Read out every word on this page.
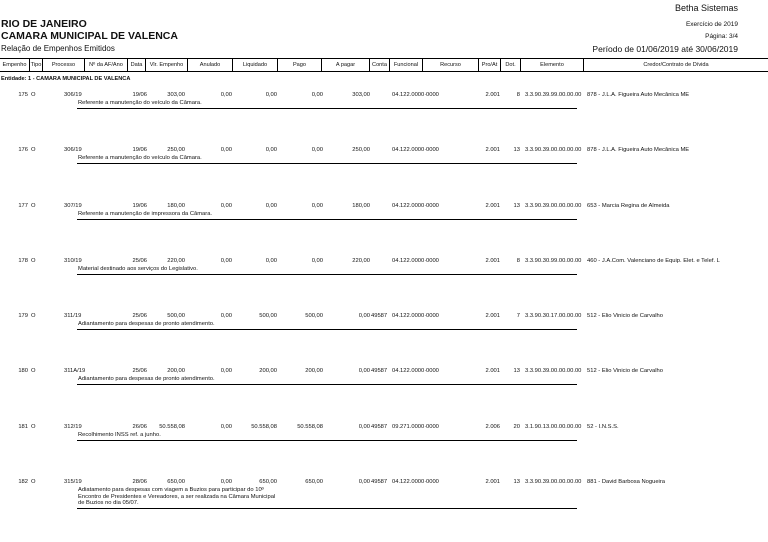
Betha Sistemas
RIO DE JANEIRO	Exercício de 2019
CAMARA MUNICIPAL DE VALENCA	Página: 3/4
Relação de Empenhos Emitidos	Período de 01/06/2019 até 30/06/2019
Empenho Tipo	Processo	Nº da AF/Ano	Data	Vlr. Empenho	Anulado	Liquidado	Pago	A pagar	Conta	Funcional	Recurso	Pro/At	Dot.	Elemento	Credor/Contrato de Dívida
Entidade: 1 - CAMARA MUNICIPAL DE VALENCA
175 O	306/19	19/06	303,00	0,00	0,00	0,00	303,00	04.122.0000· 0000	2.001	8 3.3.90.39.99.00.00.00 878 - J.L.A. Figueira Auto Mecânica ME
Referente a manutenção do veículo da Câmara.
176 O	306/19	19/06	250,00	0,00	0,00	0,00	250,00	04.122.0000· 0000	2.001	13 3.3.90.39.00.00.00.00 878 - J.L.A. Figueira Auto Mecânica ME
Referente a manutenção do veículo da Câmara.
177 O	307/19	19/06	180,00	0,00	0,00	0,00	180,00	04.122.0000· 0000	2.001	13 3.3.90.39.00.00.00.00 653 - Marcia Regina de Almeida
Referente a manutenção de impressora da Câmara.
178 O	310/19	25/06	220,00	0,00	0,00	0,00	220,00	04.122.0000· 0000	2.001	8 3.3.90.30.99.00.00.00 460 - J.A.Com. Valenciano de Equip. Elet. e Telef. L
Material destinado aos serviços do Legislativo.
179 O	311/19	25/06	500,00	0,00	500,00	500,00	0,00 49587 04.122.0000· 0000	2.001	7 3.3.90.30.17.00.00.00 512 - Elio Vinicio de Carvalho
Adiantamento para despesas de pronto atendimento.
180 O	311A/19	25/06	200,00	0,00	200,00	200,00	0,00 49587 04.122.0000· 0000	2.001	13 3.3.90.39.00.00.00.00 512 - Elio Vinicio de Carvalho
Adiantamento para despesas de pronto atendimento.
181 O	312/19	26/06	50.558,08	0,00	50.558,08	50.558,08	0,00 49587 09.271.0000· 0000	2.006	20 3.1.90.13.00.00.00.00 52 - I.N.S.S.
Recolhimento INSS ref. a junho.
182 O	315/19	28/06	650,00	0,00	650,00	650,00	0,00 49587 04.122.0000· 0000	2.001	13 3.3.90.39.00.00.00.00 881 - David Barbosa Nogueira
Adiatamento para despesas com viagem a Buzios para participar do 10º
Encontro de Presidentes e Vereadores, a ser realizada na Câmara Municipal
de Buzios no dia 05/07.
